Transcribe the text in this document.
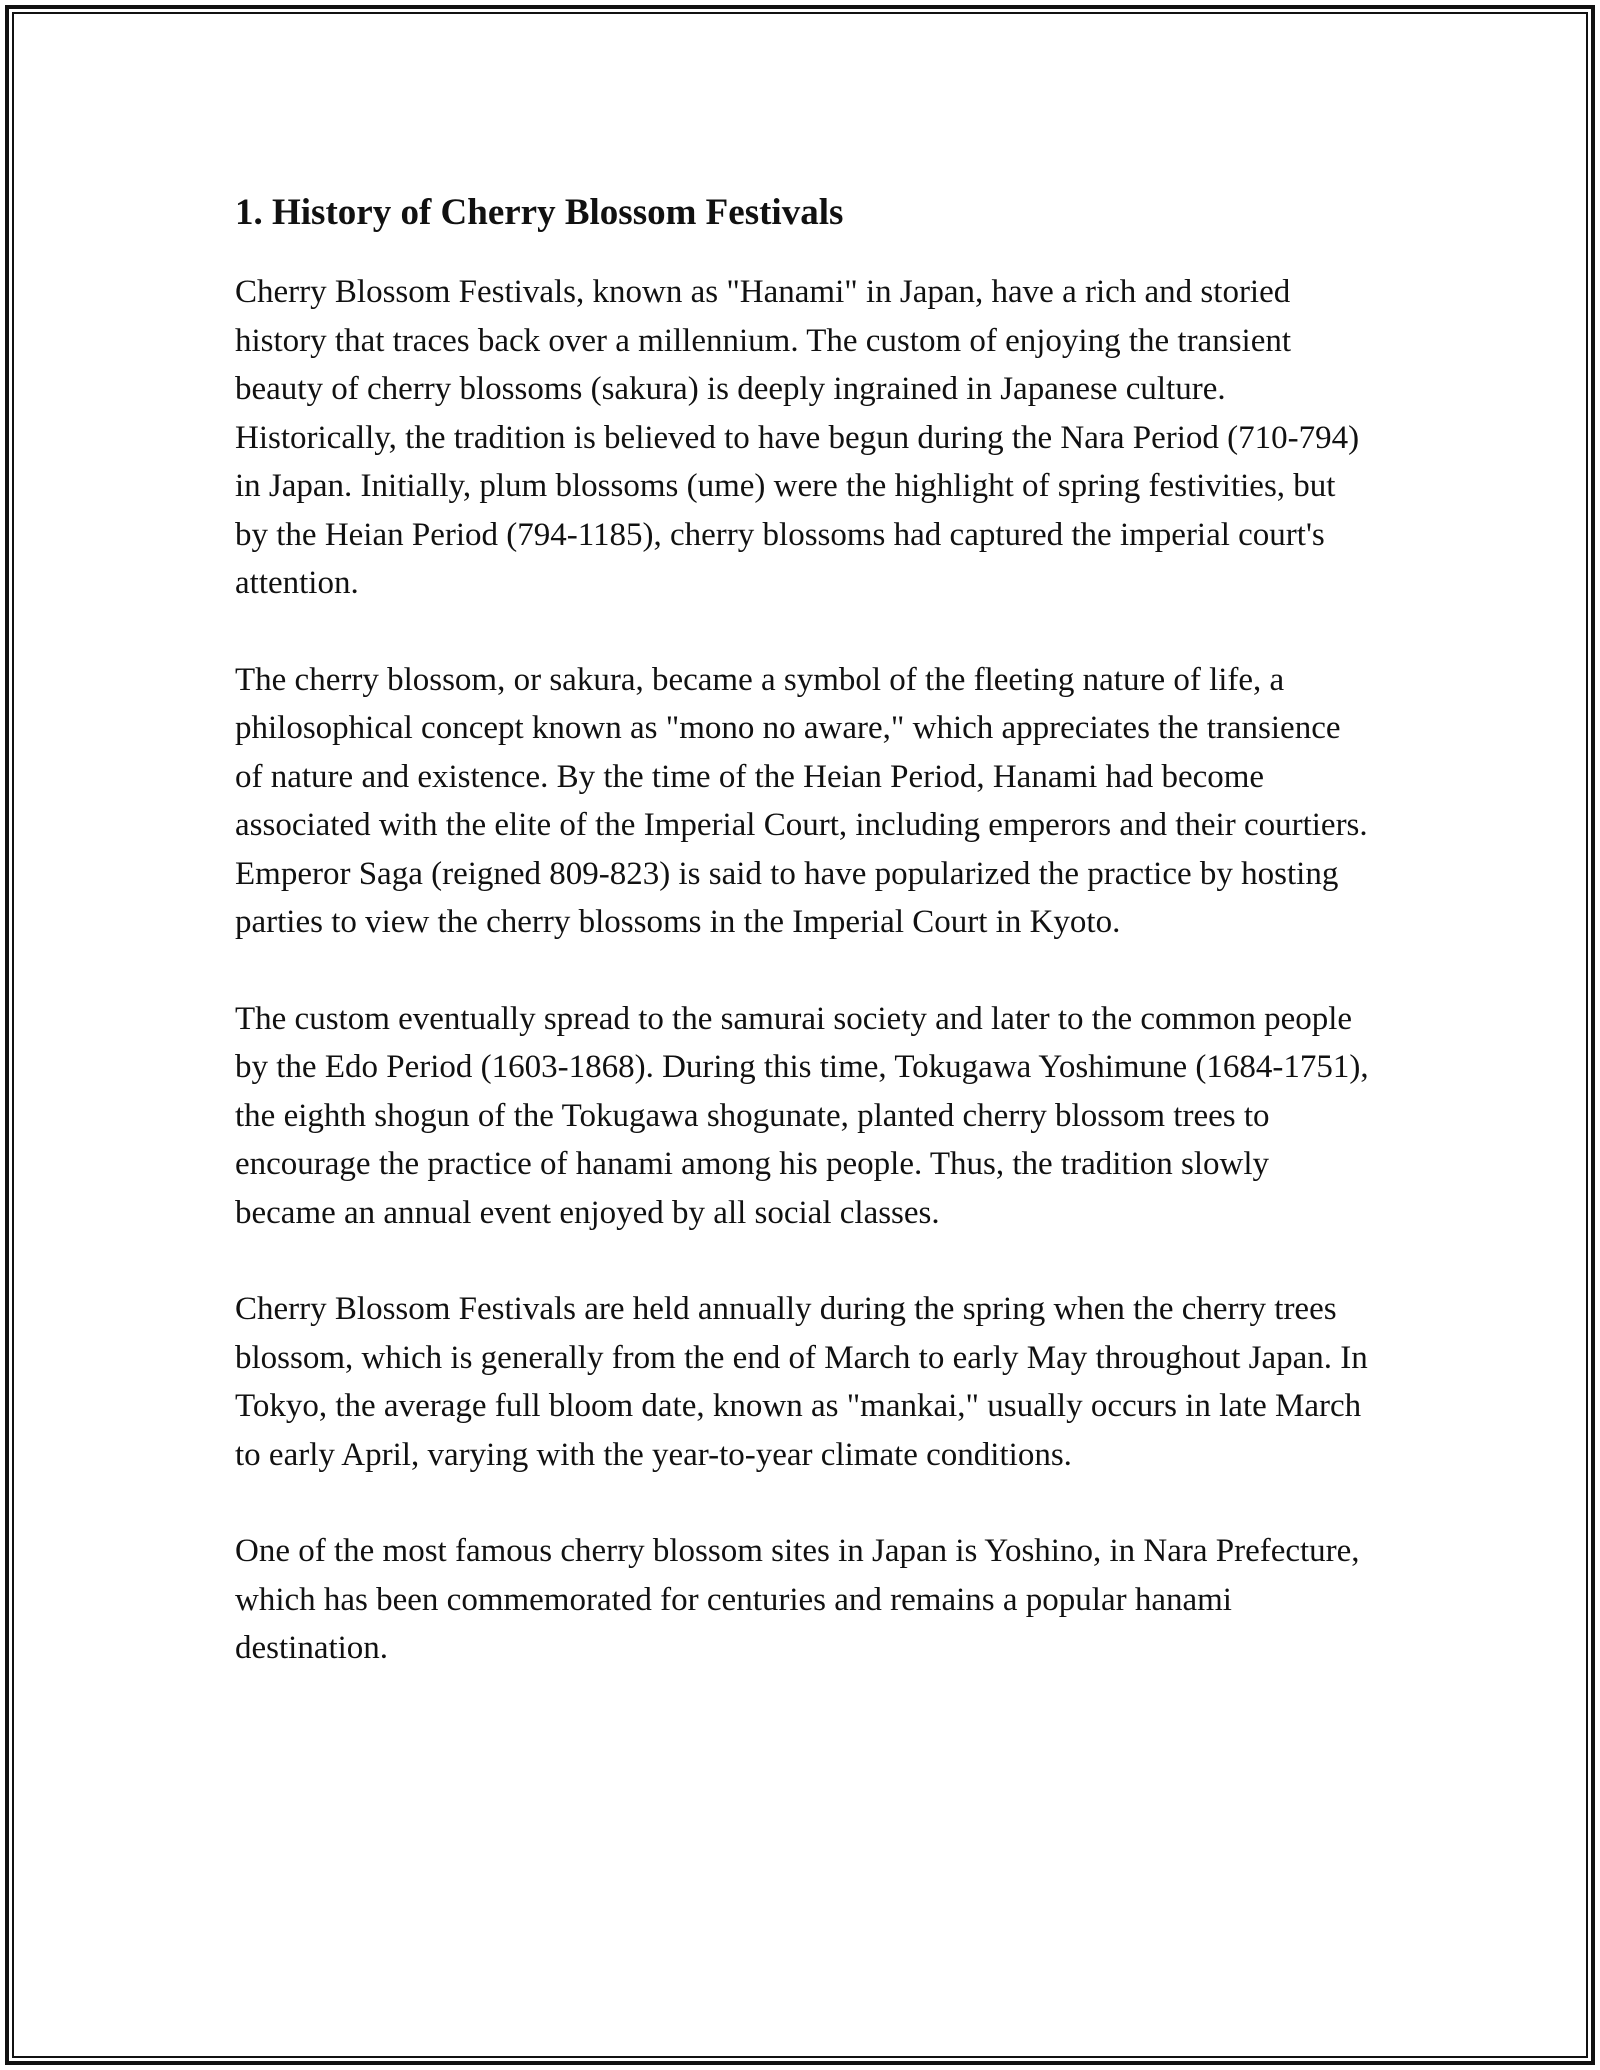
1. History of Cherry Blossom Festivals

Cherry Blossom Festivals, known as "Hanami" in Japan, have a rich and storied history that traces back over a millennium. The custom of enjoying the transient beauty of cherry blossoms (sakura) is deeply ingrained in Japanese culture. Historically, the tradition is believed to have begun during the Nara Period (710-794) in Japan. Initially, plum blossoms (ume) were the highlight of spring festivities, but by the Heian Period (794-1185), cherry blossoms had captured the imperial court's attention.

The cherry blossom, or sakura, became a symbol of the fleeting nature of life, a philosophical concept known as "mono no aware," which appreciates the transience of nature and existence. By the time of the Heian Period, Hanami had become associated with the elite of the Imperial Court, including emperors and their courtiers. Emperor Saga (reigned 809-823) is said to have popularized the practice by hosting parties to view the cherry blossoms in the Imperial Court in Kyoto.

The custom eventually spread to the samurai society and later to the common people by the Edo Period (1603-1868). During this time, Tokugawa Yoshimune (1684-1751), the eighth shogun of the Tokugawa shogunate, planted cherry blossom trees to encourage the practice of hanami among his people. Thus, the tradition slowly became an annual event enjoyed by all social classes.

Cherry Blossom Festivals are held annually during the spring when the cherry trees blossom, which is generally from the end of March to early May throughout Japan. In Tokyo, the average full bloom date, known as "mankai," usually occurs in late March to early April, varying with the year-to-year climate conditions.

One of the most famous cherry blossom sites in Japan is Yoshino, in Nara Prefecture, which has been commemorated for centuries and remains a popular hanami destination.
